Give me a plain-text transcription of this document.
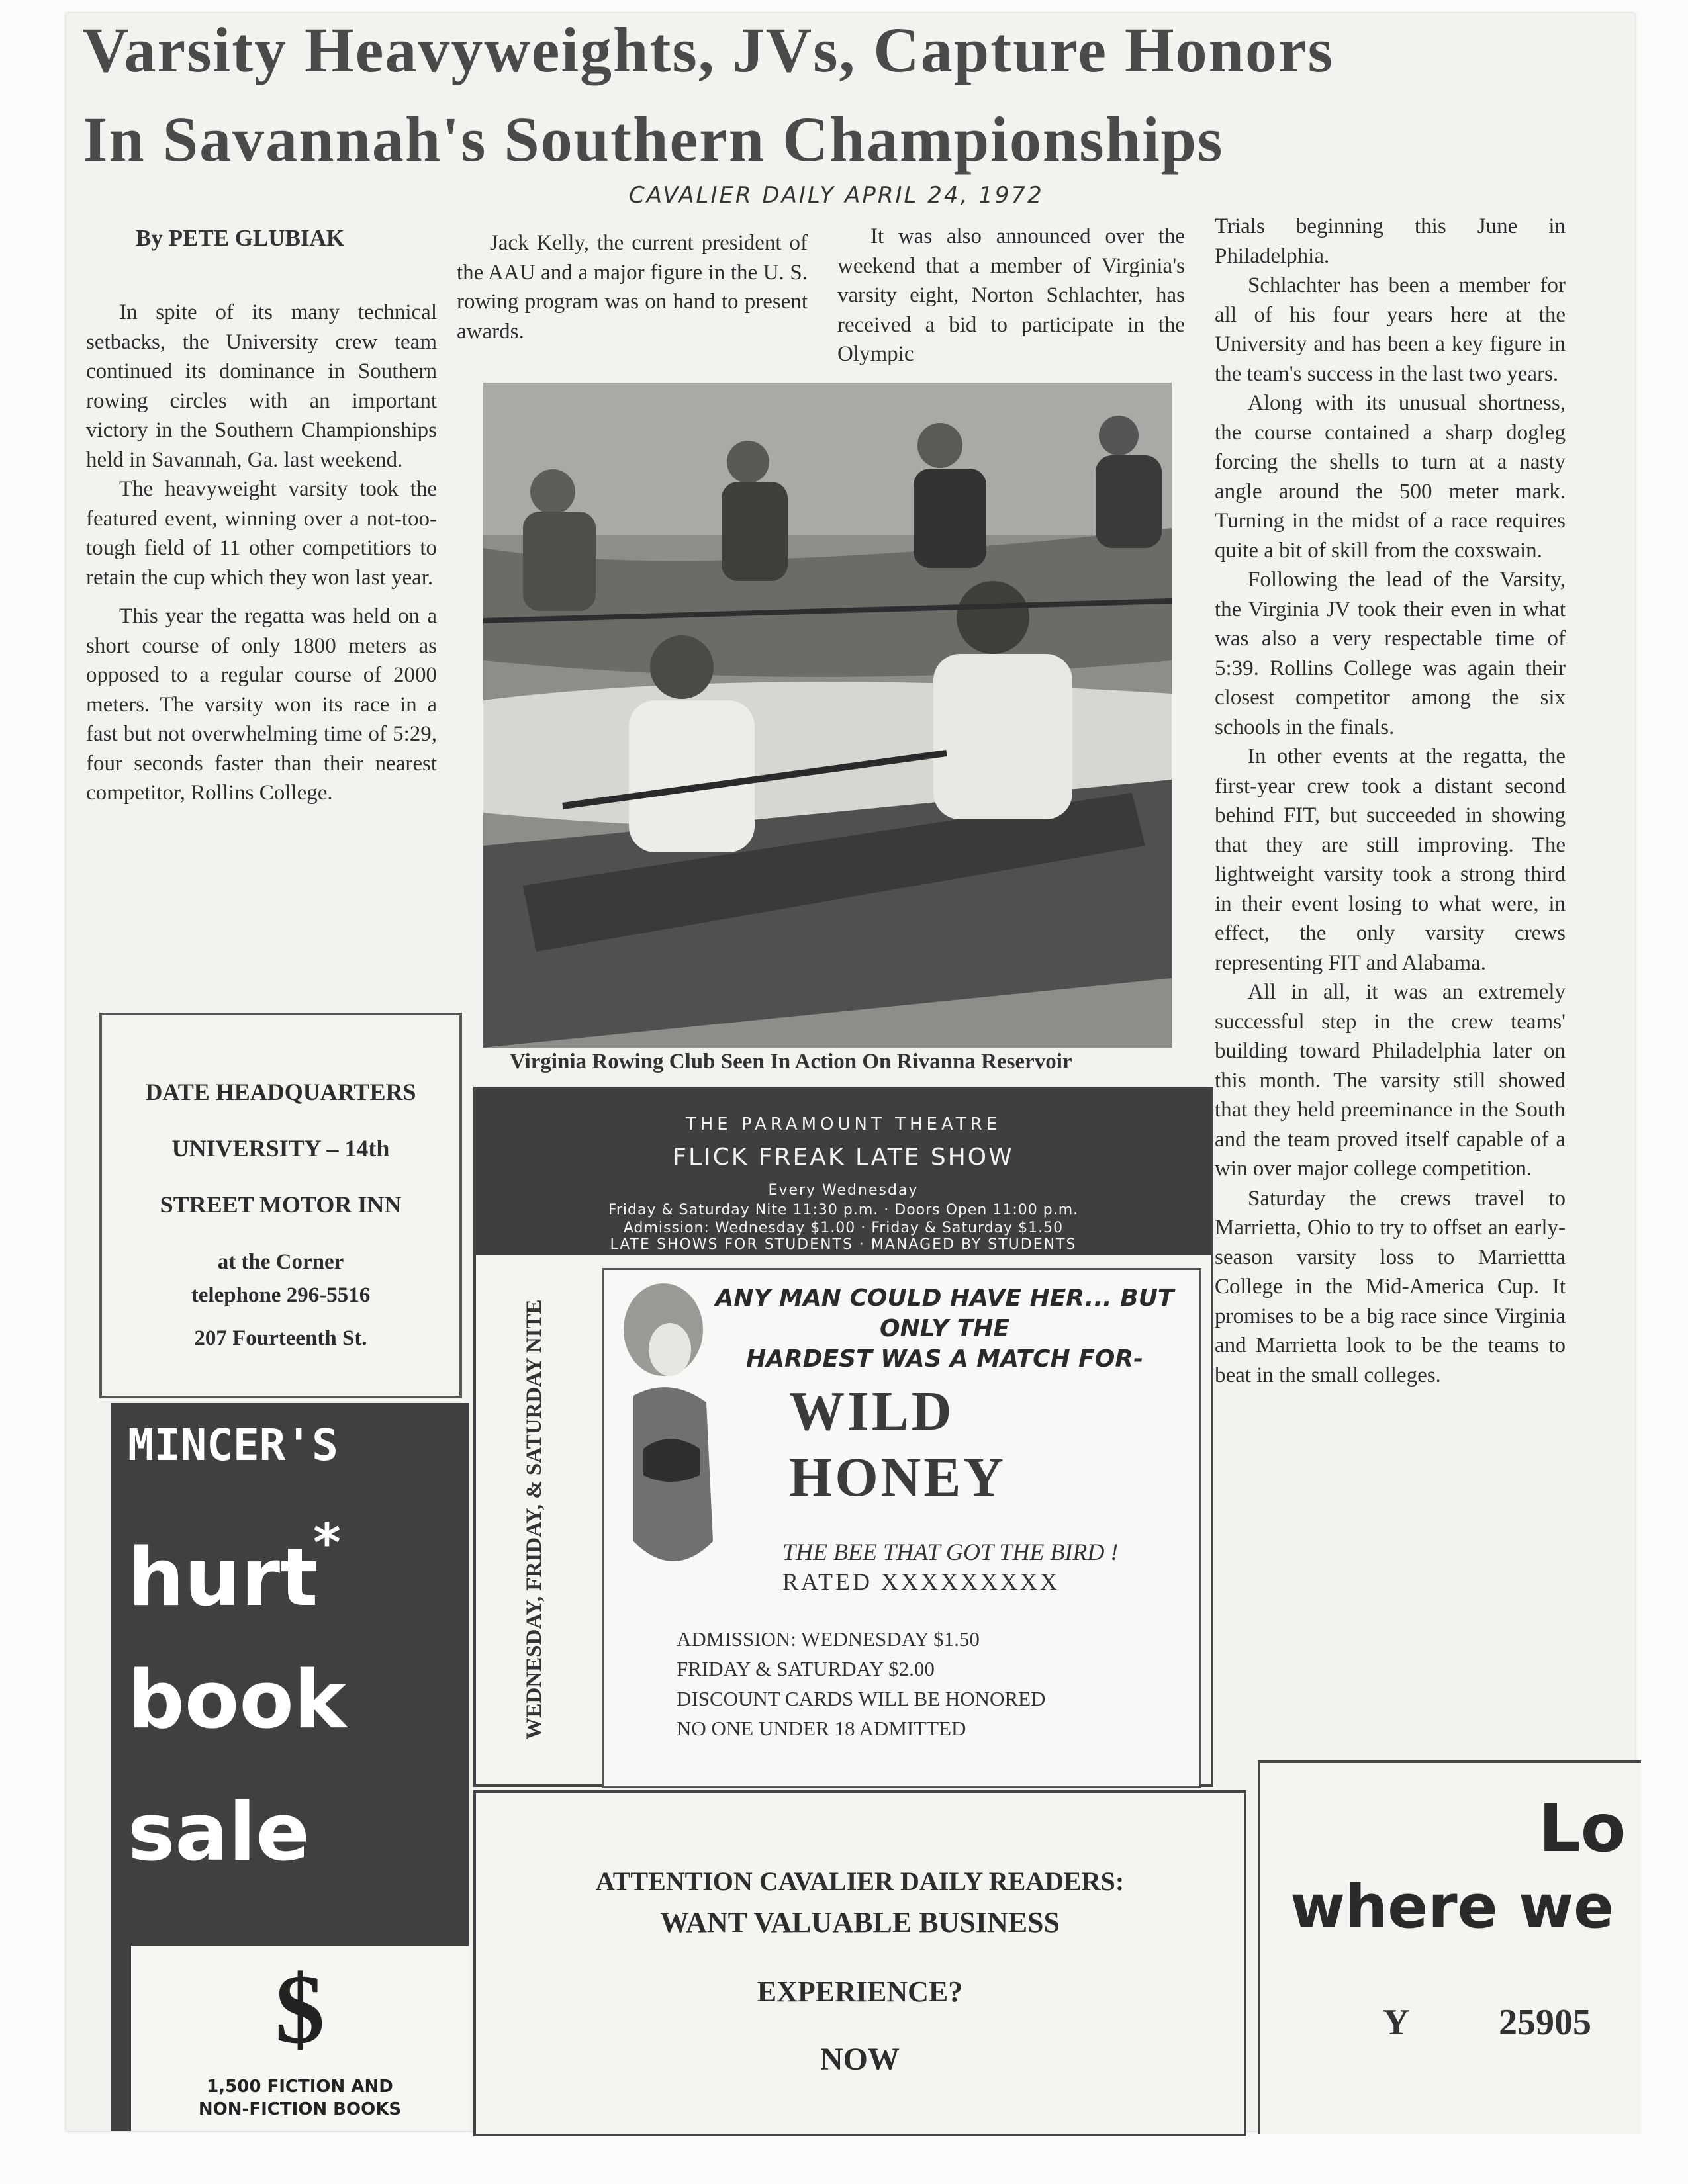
Varsity Heavyweights, JVs, Capture Honors
In Savannah's Southern Championships
CAVALIER DAILY APRIL 24, 1972
By PETE GLUBIAK

In spite of its many technical setbacks, the University crew team continued its dominance in Southern rowing circles with an important victory in the Southern Championships held in Savannah, Ga. last weekend.

The heavyweight varsity took the featured event, winning over a not-too-tough field of 11 other competitiors to retain the cup which they won last year.

This year the regatta was held on a short course of only 1800 meters as opposed to a regular course of 2000 meters. The varsity won its race in a fast but not overwhelming time of 5:29, four seconds faster than their nearest competitor, Rollins College.

Jack Kelly, the current president of the AAU and a major figure in the U. S. rowing program was on hand to present awards.

It was also announced over the weekend that a member of Virginia's varsity eight, Norton Schlachter, has received a bid to participate in the Olympic

Trials beginning this June in Philadelphia.

Schlachter has been a member for all of his four years here at the University and has been a key figure in the team's success in the last two years.

Along with its unusual shortness, the course contained a sharp dogleg forcing the shells to turn at a nasty angle around the 500 meter mark. Turning in the midst of a race requires quite a bit of skill from the coxswain.

Following the lead of the Varsity, the Virginia JV took their even in what was also a very respectable time of 5:39. Rollins College was again their closest competitor among the six schools in the finals.

In other events at the regatta, the first-year crew took a distant second behind FIT, but succeeded in showing that they are still improving. The lightweight varsity took a strong third in their event losing to what were, in effect, the only varsity crews representing FIT and Alabama.

All in all, it was an extremely successful step in the crew teams' building toward Philadelphia later on this month. The varsity still showed that they held preeminance in the South and the team proved itself capable of a win over major college competition.

Saturday the crews travel to Marrietta, Ohio to try to offset an early-season varsity loss to Marriettta College in the Mid-America Cup. It promises to be a big race since Virginia and Marrietta look to be the teams to beat in the small colleges.

Virginia Rowing Club Seen In Action On Rivanna Reservoir
DATE HEADQUARTERS
UNIVERSITY – 14th
STREET MOTOR INN
at the Corner
telephone 296-5516
207 Fourteenth St.
MINCER'S
hurt
*
book
sale
$
1,500 FICTION AND
NON-FICTION BOOKS
THE PARAMOUNT THEATRE
FLICK FREAK LATE SHOW
Every Wednesday
Friday & Saturday Nite 11:30 p.m. · Doors Open 11:00 p.m.
Admission: Wednesday $1.00 · Friday & Saturday $1.50
LATE SHOWS FOR STUDENTS · MANAGED BY STUDENTS
WEDNESDAY, FRIDAY, & SATURDAY NITE
ANY MAN COULD HAVE HER... BUT ONLY THE
HARDEST WAS A MATCH FOR-
WILD
HONEY
THE BEE THAT GOT THE BIRD !
RATED XXXXXXXXX
ADMISSION: WEDNESDAY $1.50
FRIDAY & SATURDAY $2.00
DISCOUNT CARDS WILL BE HONORED
NO ONE UNDER 18 ADMITTED
ATTENTION CAVALIER DAILY READERS:
WANT VALUABLE BUSINESS
EXPERIENCE?
NOW
Lo
where we
Y 25905
